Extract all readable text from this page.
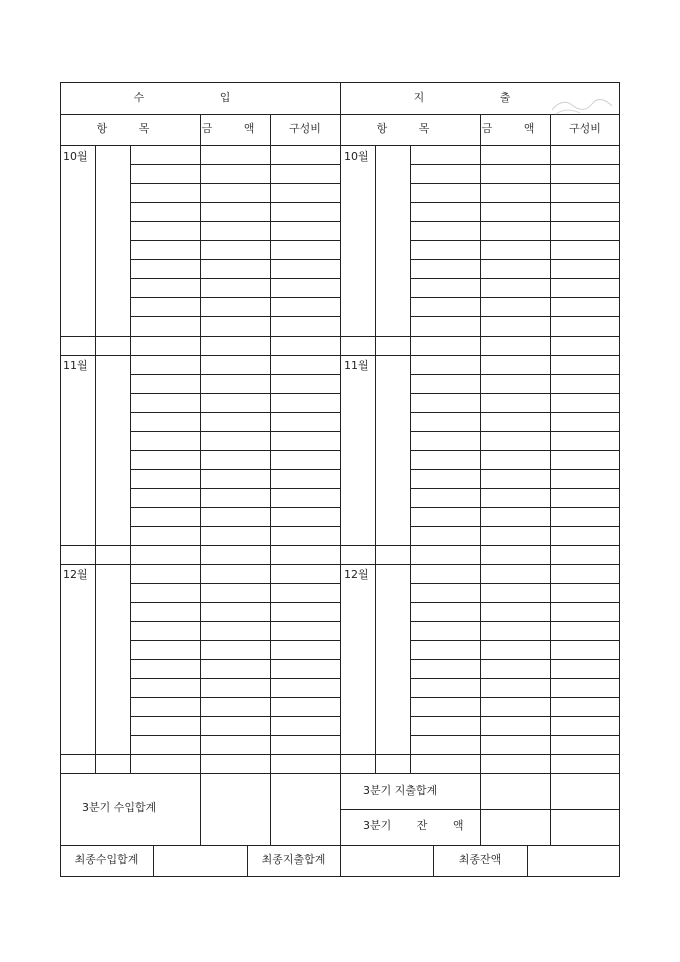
수 입	지 출
항 목	금 액	구성비	항 목	금 액	구성비
10월	10월
11월	11월
12월	12월
3분기 수입합계
3분기 지출합계
3분기 잔 액
최종수입합계	최종지출합계	최종잔액
